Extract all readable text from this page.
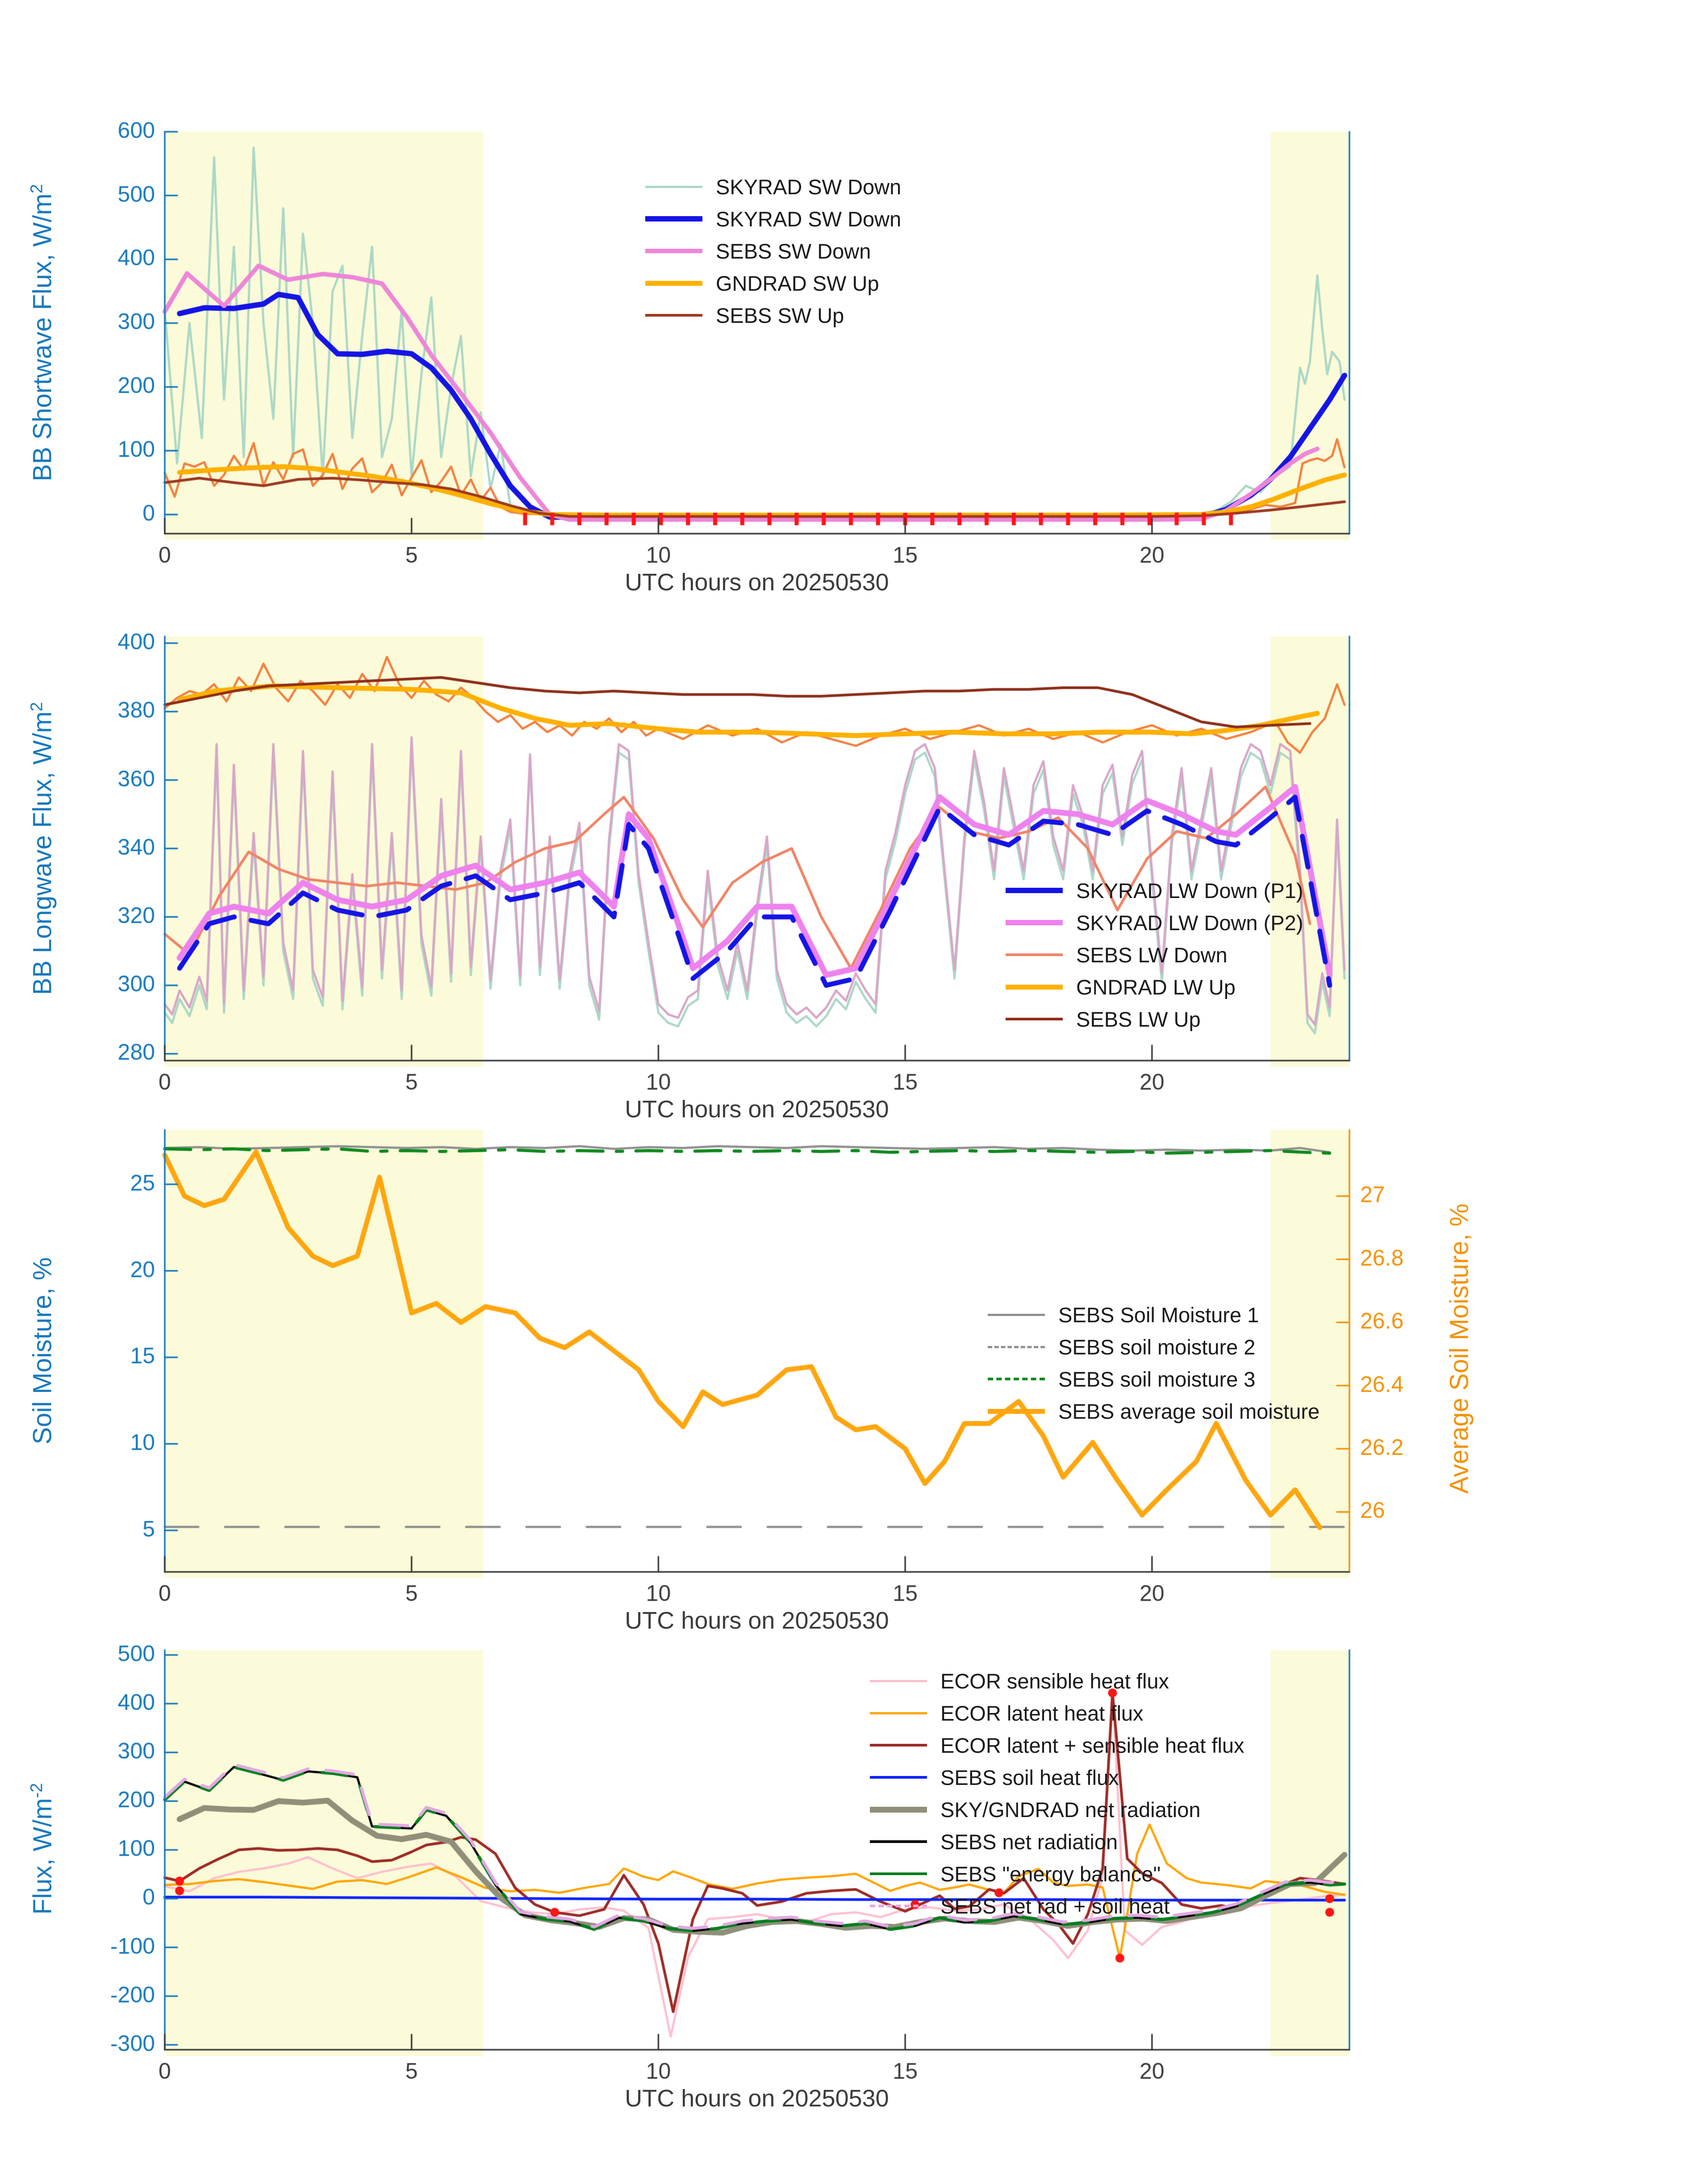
BB Shortwave Flux, $W/m^2$
BB Longwave Flux, $W/m^2$
Soil Moisture, %	Average Soil Moisture, %
Flux, $W/m^{-2}$
UTC hours on 20250530
UTC hours on 20250530
UTC hours on 20250530
UTC hours on 20250530
SKYRAD SW Down
SKYRAD SW Down
SEBS SW Down
GNDRAD SW Up
SEBS SW Up
SKYRAD LW Down (P1)
SKYRAD LW Down (P2)
SEBS LW Down
GNDRAD LW Up
SEBS LW Up
SEBS Soil Moisture 1
SEBS soil moisture 2
SEBS soil moisture 3
SEBS average soil moisture
ECOR sensible heat flux
ECOR latent heat flux
ECOR latent + sensible heat flux
SEBS soil heat flux
SKY/GNDRAD net radiation
SEBS net radiation
SEBS "energy balance"
SEBS net rad + soil heat
